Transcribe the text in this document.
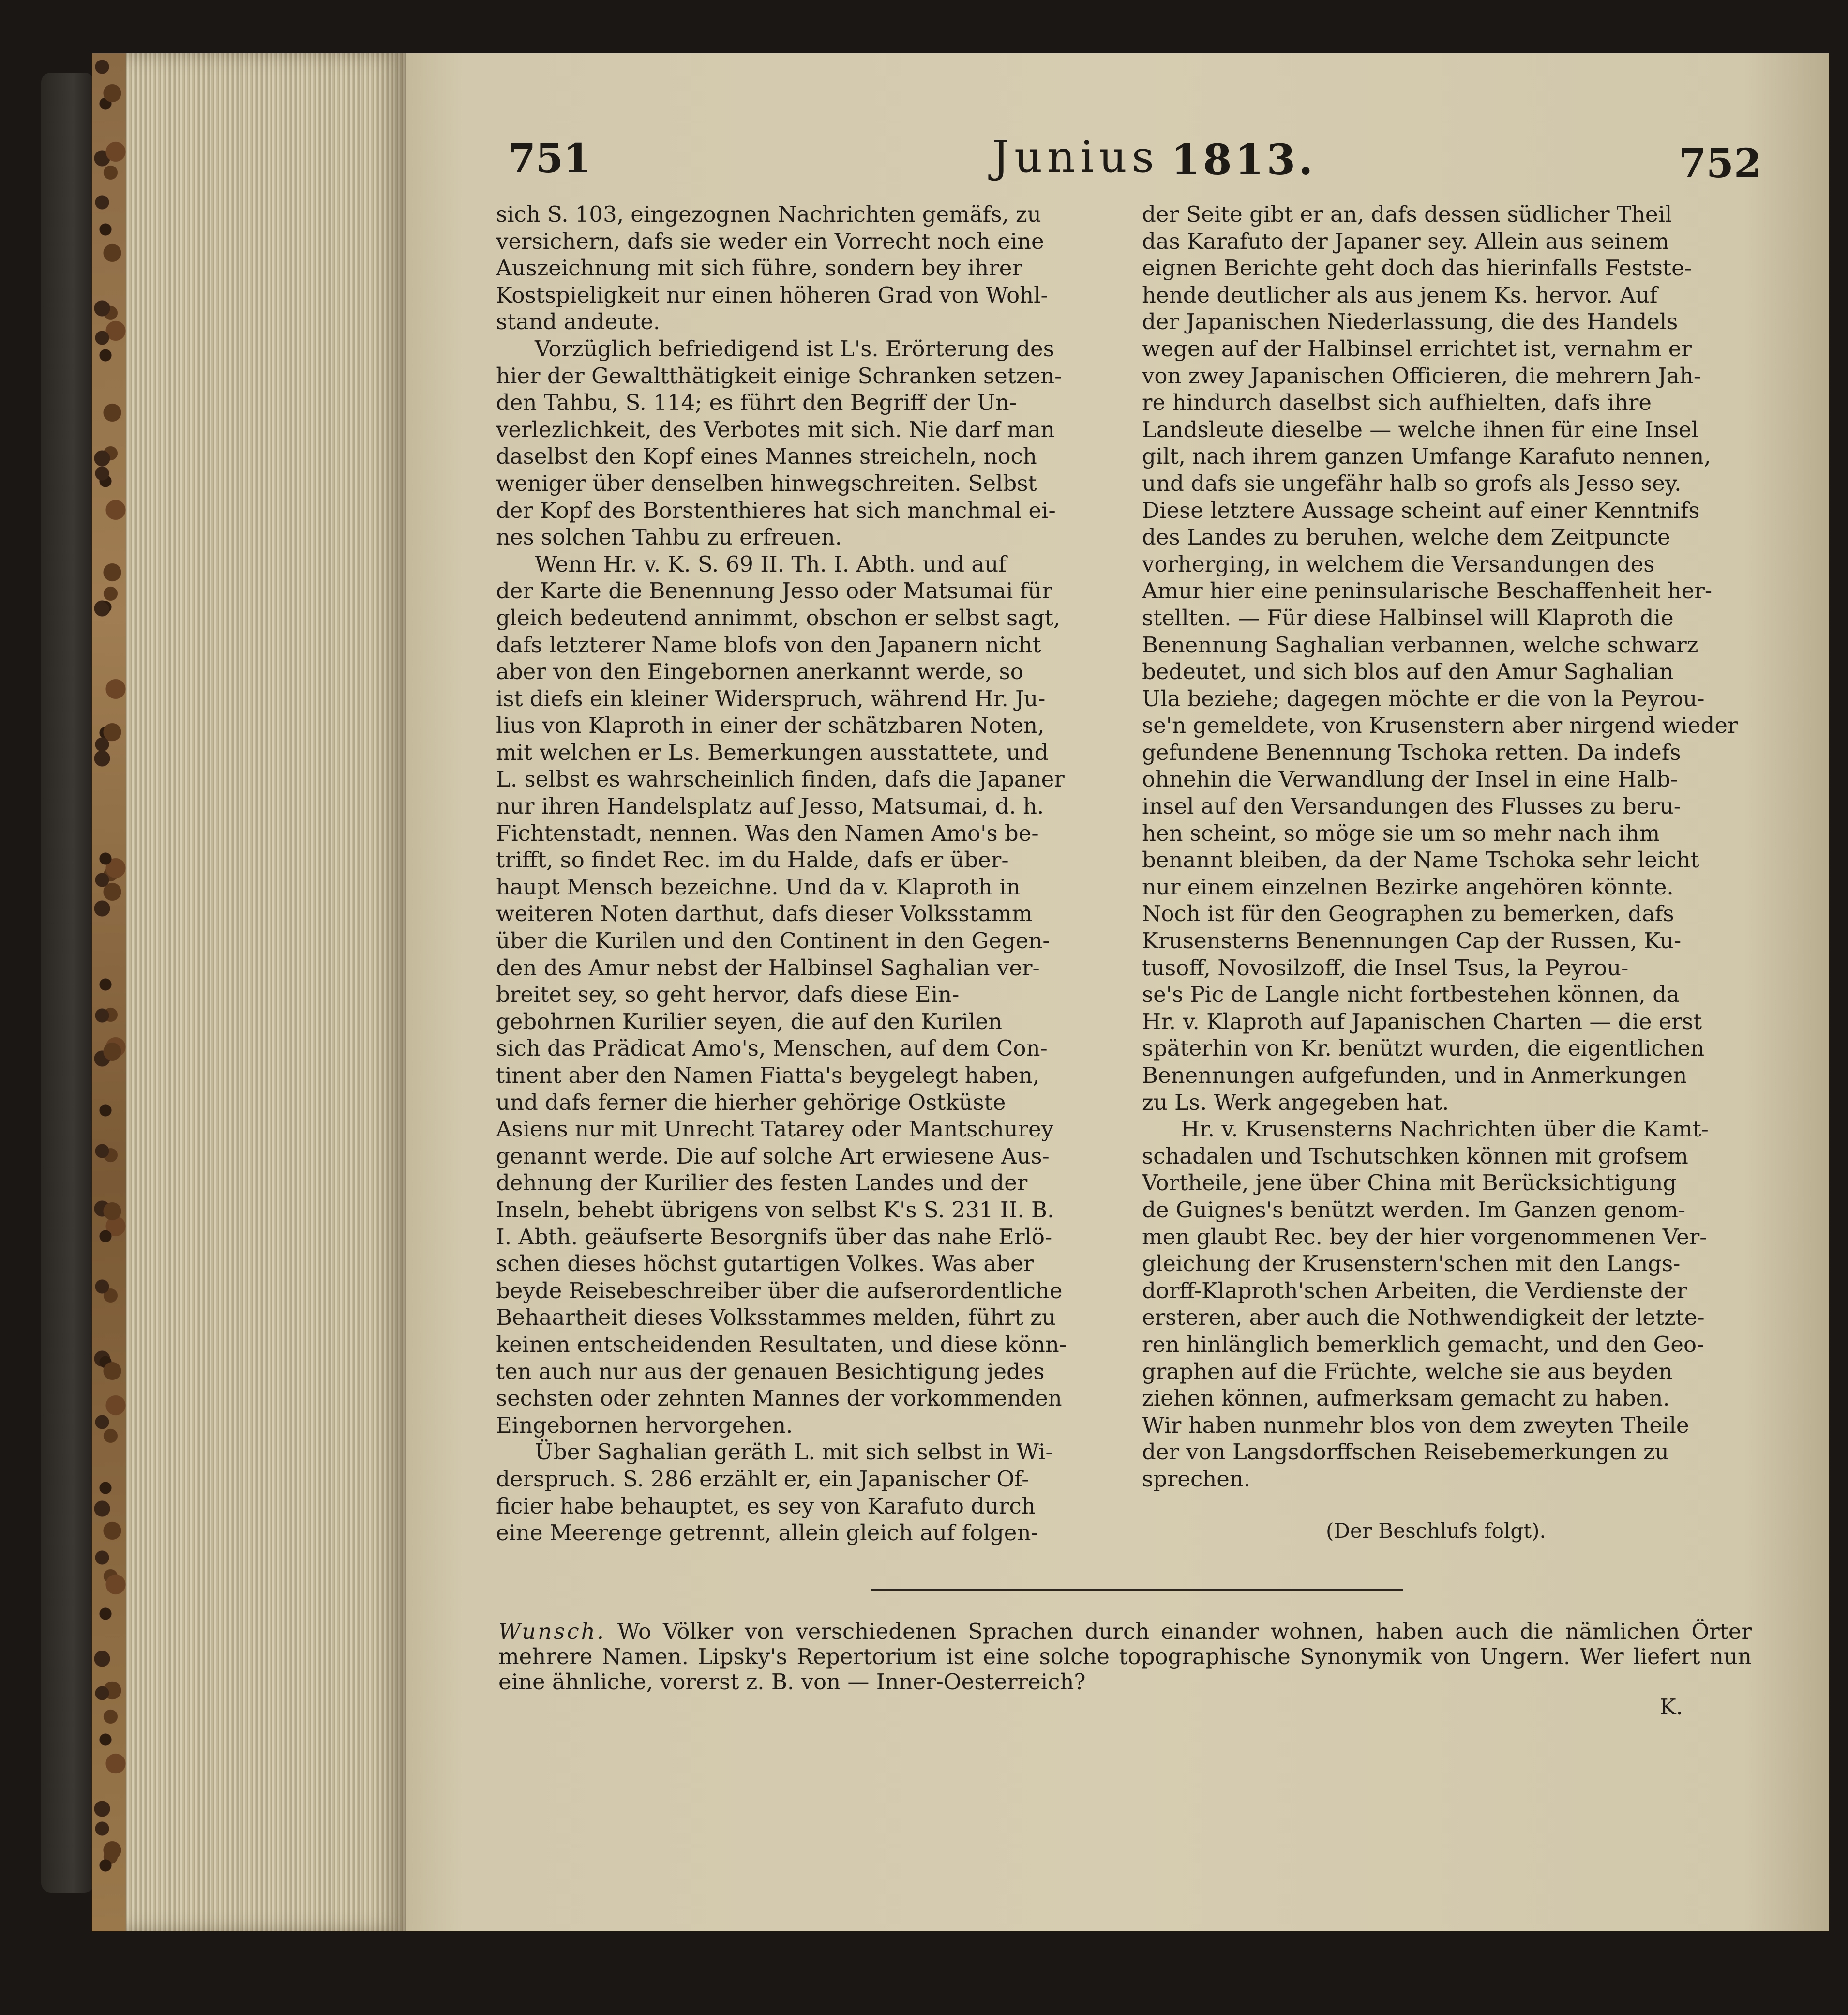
751	Junius 1813.	752
sich S. 103, eingezognen Nachrichten gemäfs, zu
versichern, dafs sie weder ein Vorrecht noch eine
Auszeichnung mit sich führe, sondern bey ihrer
Kostspieligkeit nur einen höheren Grad von Wohl-
stand andeute.
Vorzüglich befriedigend ist L's. Erörterung des
hier der Gewaltthätigkeit einige Schranken setzen-
den Tahbu, S. 114; es führt den Begriff der Un-
verlezlichkeit, des Verbotes mit sich. Nie darf man
daselbst den Kopf eines Mannes streicheln, noch
weniger über denselben hinwegschreiten. Selbst
der Kopf des Borstenthieres hat sich manchmal ei-
nes solchen Tahbu zu erfreuen.
Wenn Hr. v. K. S. 69 II. Th. I. Abth. und auf
der Karte die Benennung Jesso oder Matsumai für
gleich bedeutend annimmt, obschon er selbst sagt,
dafs letzterer Name blofs von den Japanern nicht
aber von den Eingebornen anerkannt werde, so
ist diefs ein kleiner Widerspruch, während Hr. Ju-
lius von Klaproth in einer der schätzbaren Noten,
mit welchen er Ls. Bemerkungen ausstattete, und
L. selbst es wahrscheinlich finden, dafs die Japaner
nur ihren Handelsplatz auf Jesso, Matsumai, d. h.
Fichtenstadt, nennen. Was den Namen Amo's be-
trifft, so findet Rec. im du Halde, dafs er über-
haupt Mensch bezeichne. Und da v. Klaproth in
weiteren Noten darthut, dafs dieser Volksstamm
über die Kurilen und den Continent in den Gegen-
den des Amur nebst der Halbinsel Saghalian ver-
breitet sey, so geht hervor, dafs diese Ein-
gebohrnen Kurilier seyen, die auf den Kurilen
sich das Prädicat Amo's, Menschen, auf dem Con-
tinent aber den Namen Fiatta's beygelegt haben,
und dafs ferner die hierher gehörige Ostküste
Asiens nur mit Unrecht Tatarey oder Mantschurey
genannt werde. Die auf solche Art erwiesene Aus-
dehnung der Kurilier des festen Landes und der
Inseln, behebt übrigens von selbst K's S. 231 II. B.
I. Abth. geäufserte Besorgnifs über das nahe Erlö-
schen dieses höchst gutartigen Volkes. Was aber
beyde Reisebeschreiber über die aufserordentliche
Behaartheit dieses Volksstammes melden, führt zu
keinen entscheidenden Resultaten, und diese könn-
ten auch nur aus der genauen Besichtigung jedes
sechsten oder zehnten Mannes der vorkommenden
Eingebornen hervorgehen.
Über Saghalian geräth L. mit sich selbst in Wi-
derspruch. S. 286 erzählt er, ein Japanischer Of-
ficier habe behauptet, es sey von Karafuto durch
eine Meerenge getrennt, allein gleich auf folgen-
der Seite gibt er an, dafs dessen südlicher Theil
das Karafuto der Japaner sey. Allein aus seinem
eignen Berichte geht doch das hierinfalls Festste-
hende deutlicher als aus jenem Ks. hervor. Auf
der Japanischen Niederlassung, die des Handels
wegen auf der Halbinsel errichtet ist, vernahm er
von zwey Japanischen Officieren, die mehrern Jah-
re hindurch daselbst sich aufhielten, dafs ihre
Landsleute dieselbe — welche ihnen für eine Insel
gilt, nach ihrem ganzen Umfange Karafuto nennen,
und dafs sie ungefähr halb so grofs als Jesso sey.
Diese letztere Aussage scheint auf einer Kenntnifs
des Landes zu beruhen, welche dem Zeitpuncte
vorherging, in welchem die Versandungen des
Amur hier eine peninsularische Beschaffenheit her-
stellten. — Für diese Halbinsel will Klaproth die
Benennung Saghalian verbannen, welche schwarz
bedeutet, und sich blos auf den Amur Saghalian
Ula beziehe; dagegen möchte er die von la Peyrou-
se'n gemeldete, von Krusenstern aber nirgend wieder
gefundene Benennung Tschoka retten. Da indefs
ohnehin die Verwandlung der Insel in eine Halb-
insel auf den Versandungen des Flusses zu beru-
hen scheint, so möge sie um so mehr nach ihm
benannt bleiben, da der Name Tschoka sehr leicht
nur einem einzelnen Bezirke angehören könnte.
Noch ist für den Geographen zu bemerken, dafs
Krusensterns Benennungen Cap der Russen, Ku-
tusoff, Novosilzoff, die Insel Tsus, la Peyrou-
se's Pic de Langle nicht fortbestehen können, da
Hr. v. Klaproth auf Japanischen Charten — die erst
späterhin von Kr. benützt wurden, die eigentlichen
Benennungen aufgefunden, und in Anmerkungen
zu Ls. Werk angegeben hat.
Hr. v. Krusensterns Nachrichten über die Kamt-
schadalen und Tschutschken können mit grofsem
Vortheile, jene über China mit Berücksichtigung
de Guignes's benützt werden. Im Ganzen genom-
men glaubt Rec. bey der hier vorgenommenen Ver-
gleichung der Krusenstern'schen mit den Langs-
dorff-Klaproth'schen Arbeiten, die Verdienste der
ersteren, aber auch die Nothwendigkeit der letzte-
ren hinlänglich bemerklich gemacht, und den Geo-
graphen auf die Früchte, welche sie aus beyden
ziehen können, aufmerksam gemacht zu haben.
Wir haben nunmehr blos von dem zweyten Theile
der von Langsdorffschen Reisebemerkungen zu
sprechen.
(Der Beschlufs folgt).
Wunsch. Wo Völker von verschiedenen Sprachen durch einander wohnen, haben auch die nämlichen Örter mehrere Namen. Lipsky's Repertorium ist eine solche topographische Synonymik von Ungern. Wer liefert nun eine ähnliche, vorerst z. B. von — Inner-Oesterreich?
K.
